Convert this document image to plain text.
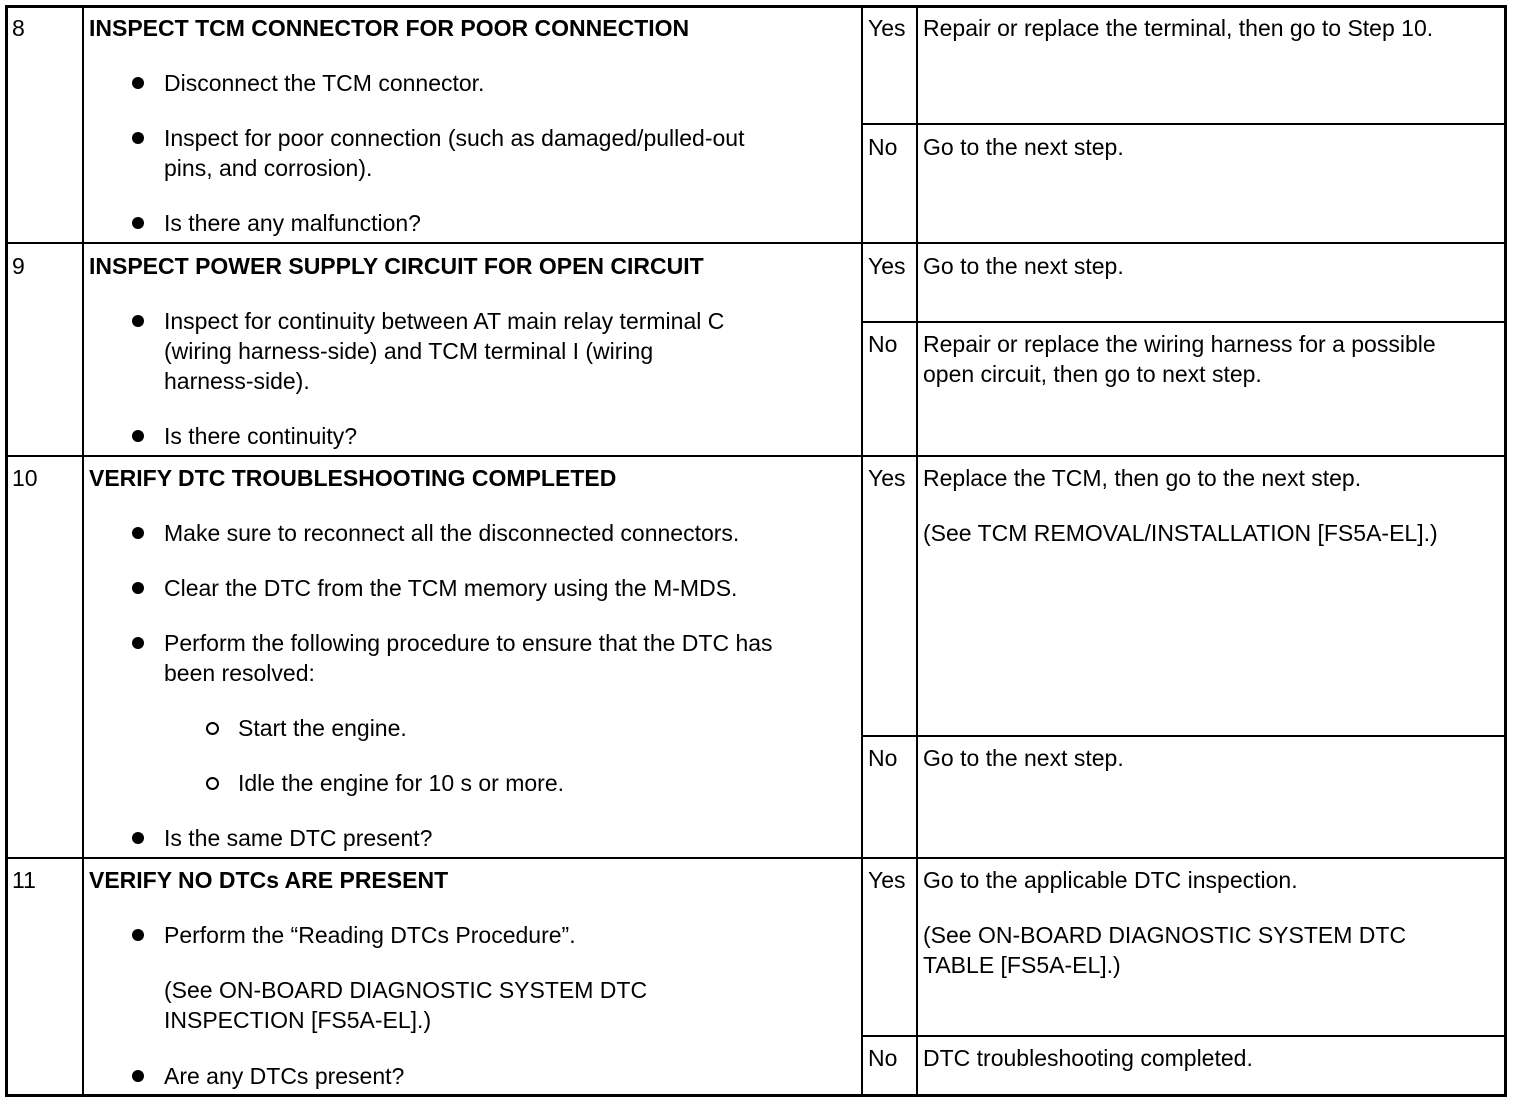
8	INSPECT TCM CONNECTOR FOR POOR CONNECTION
Disconnect the TCM connector.
Inspect for poor connection (such as damaged/pulled-out
pins, and corrosion).
Is there any malfunction?
Yes Repair or replace the terminal, then go to Step 10.
No Go to the next step.
9	INSPECT POWER SUPPLY CIRCUIT FOR OPEN CIRCUIT
Inspect for continuity between AT main relay terminal C
(wiring harness-side) and TCM terminal I (wiring
harness-side).
Is there continuity?
Yes Go to the next step.
No Repair or replace the wiring harness for a possible
open circuit, then go to next step.
10 VERIFY DTC TROUBLESHOOTING COMPLETED
Make sure to reconnect all the disconnected connectors.
Clear the DTC from the TCM memory using the M-MDS.
Perform the following procedure to ensure that the DTC has
been resolved:
Start the engine.
Idle the engine for 10 s or more.
Is the same DTC present?
Yes Replace the TCM, then go to the next step.
(See TCM REMOVAL/INSTALLATION [FS5A-EL].)
No Go to the next step.
11 VERIFY NO DTCs ARE PRESENT
Perform the “Reading DTCs Procedure”.
(See ON-BOARD DIAGNOSTIC SYSTEM DTC
INSPECTION [FS5A-EL].)
Are any DTCs present?
Yes Go to the applicable DTC inspection.
(See ON-BOARD DIAGNOSTIC SYSTEM DTC
TABLE [FS5A-EL].)
No DTC troubleshooting completed.
